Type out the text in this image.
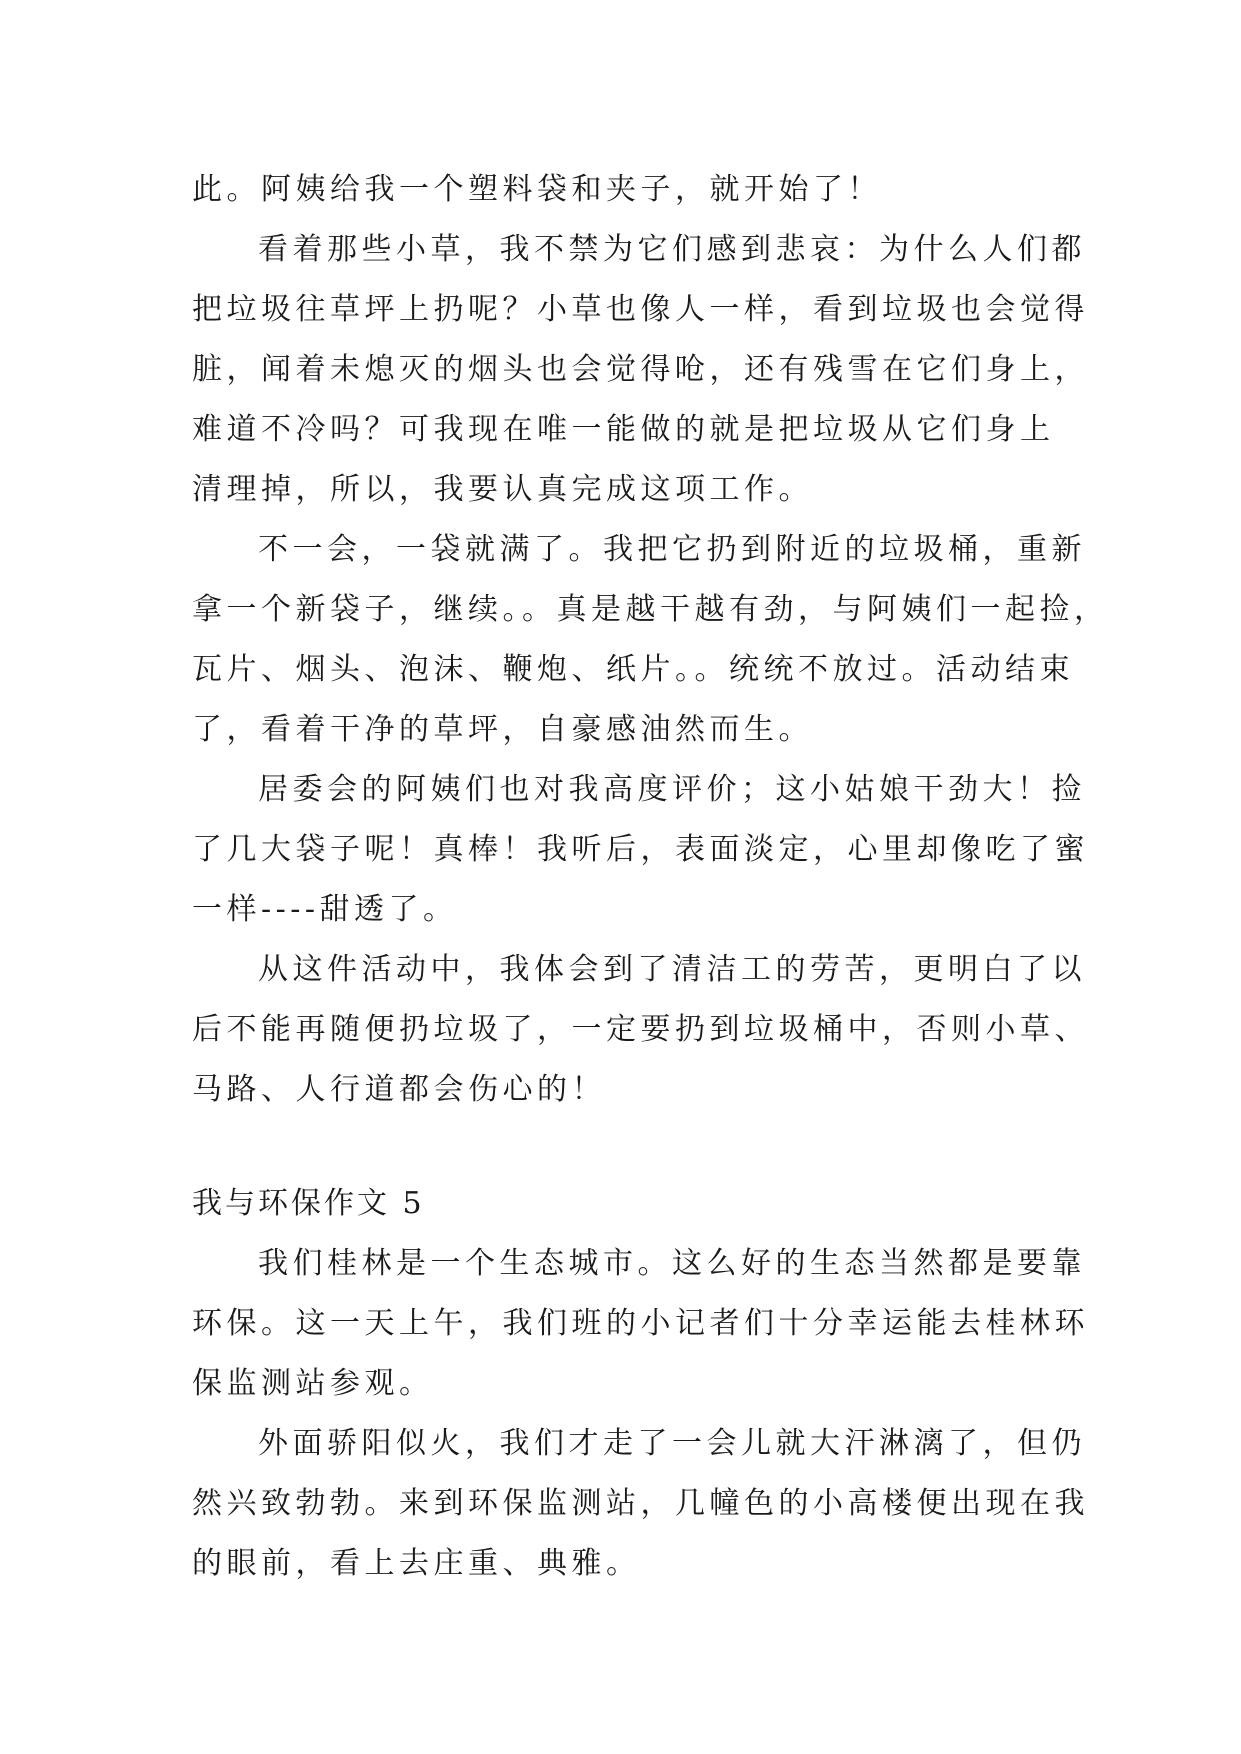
此。阿姨给我一个塑料袋和夹子，就开始了！
看着那些小草，我不禁为它们感到悲哀：为什么人们都
把垃圾往草坪上扔呢？小草也像人一样，看到垃圾也会觉得
脏，闻着未熄灭的烟头也会觉得呛，还有残雪在它们身上，
难道不冷吗？可我现在唯一能做的就是把垃圾从它们身上
清理掉，所以，我要认真完成这项工作。
不一会，一袋就满了。我把它扔到附近的垃圾桶，重新
拿一个新袋子，继续。。真是越干越有劲，与阿姨们一起捡，
瓦片、烟头、泡沫、鞭炮、纸片。。统统不放过。活动结束
了，看着干净的草坪，自豪感油然而生。
居委会的阿姨们也对我高度评价；这小姑娘干劲大！捡
了几大袋子呢！真棒！我听后，表面淡定，心里却像吃了蜜
一样----甜透了。
从这件活动中，我体会到了清洁工的劳苦，更明白了以
后不能再随便扔垃圾了，一定要扔到垃圾桶中，否则小草、
马路、人行道都会伤心的！
我与环保作文 5
我们桂林是一个生态城市。这么好的生态当然都是要靠
环保。这一天上午，我们班的小记者们十分幸运能去桂林环
保监测站参观。
外面骄阳似火，我们才走了一会儿就大汗淋漓了，但仍
然兴致勃勃。来到环保监测站，几幢色的小高楼便出现在我
的眼前，看上去庄重、典雅。
